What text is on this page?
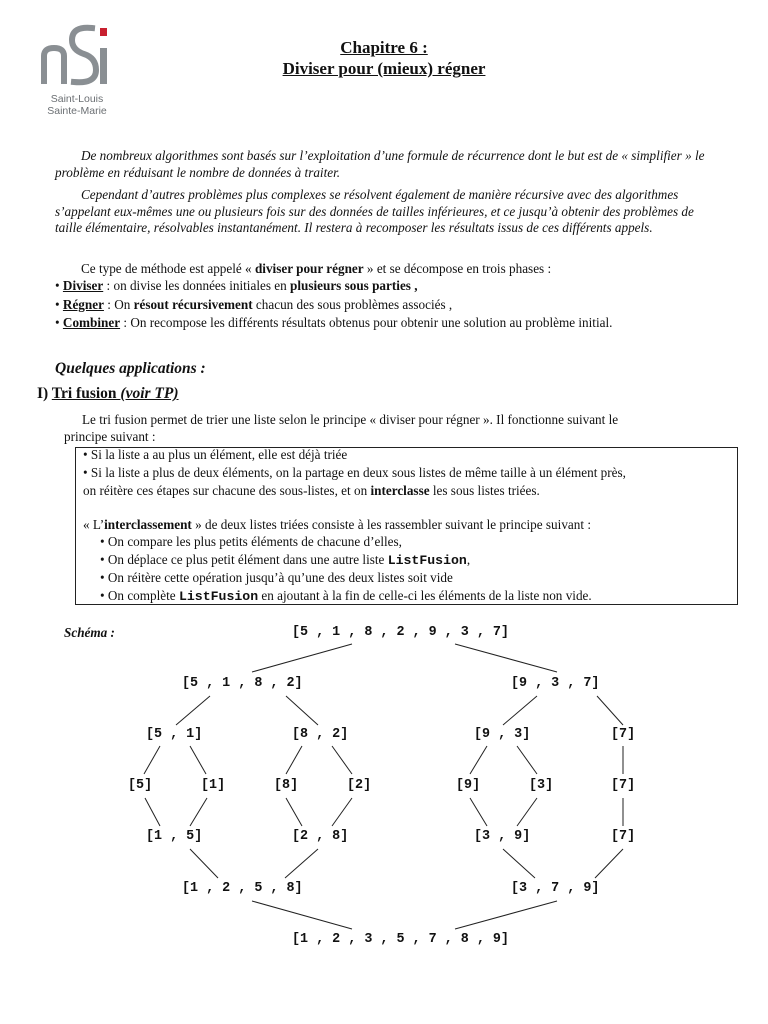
Saint-Louis
Sainte-Marie
Chapitre 6 :
Diviser pour (mieux) régner
De nombreux algorithmes sont basés sur l’exploitation d’une formule de récurrence dont le but est de « simplifier » le problème en réduisant le nombre de données à traiter.
Cependant d’autres problèmes plus complexes se résolvent également de manière récursive avec des algorithmes s’appelant eux-mêmes une ou plusieurs fois sur des données de tailles inférieures, et ce jusqu’à obtenir des problèmes de taille élémentaire, résolvables instantanément. Il restera à recomposer les résultats issus de ces différents appels.
Ce type de méthode est appelé « diviser pour régner » et se décompose en trois phases :
• Diviser : on divise les données initiales en plusieurs sous parties ,
• Régner : On résout récursivement chacun des sous problèmes associés ,
• Combiner : On recompose les différents résultats obtenus pour obtenir une solution au problème initial.
Quelques applications :
I) Tri fusion (voir TP)
Le tri fusion permet de trier une liste selon le principe « diviser pour régner ». Il fonctionne suivant le
principe suivant :
• Si la liste a au plus un élément, elle est déjà triée
• Si la liste a plus de deux éléments, on la partage en deux sous listes de même taille à un élément près,
on réitère ces étapes sur chacune des sous-listes, et on interclasse les sous listes triées.
« L’interclassement » de deux listes triées consiste à les rassembler suivant le principe suivant :
• On compare les plus petits éléments de chacune d’elles,
• On déplace ce plus petit élément dans une autre liste ListFusion,
• On réitère cette opération jusqu’à qu’une des deux listes soit vide
• On complète ListFusion en ajoutant à la fin de celle-ci les éléments de la liste non vide.
Schéma :	[5 , 1 , 8 , 2 , 9 , 3 , 7]
[5 , 1 , 8 , 2]	[9 , 3 , 7]
[5 , 1]	[8 , 2]	[9 , 3]	[7]
[5]	[1]	[8]	[2]	[9]	[3]	[7]
[1 , 5]	[2 , 8]	[3 , 9]	[7]
[1 , 2 , 5 , 8]	[3 , 7 , 9]
[1 , 2 , 3 , 5 , 7 , 8 , 9]
